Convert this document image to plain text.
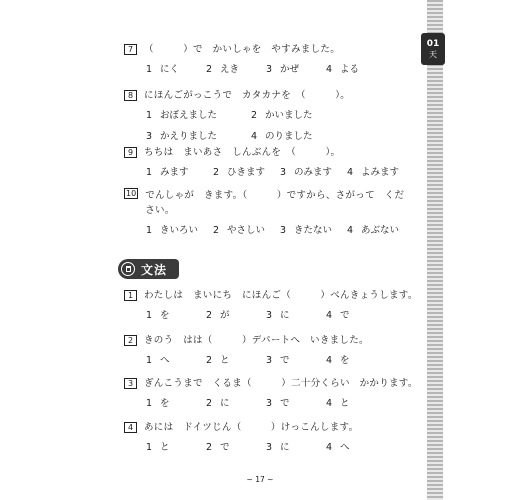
01
天
7	（　　　）で　かいしゃを　やすみました。
1 にく	2 えき	3 かぜ	4 よる
8	にほんごがっこうで　カタカナを　（　　　）。
1 おぼえました	2 かいました
3 かえりました	4 のりました
9	ちちは　まいあさ　しんぶんを　（　　　）。
1 みます	2 ひきます 3 のみます 4 よみます
10 でんしゃが　きます。（　　　）ですから、さがって　ください。
1 きいろい 2 やさしい 3 きたない 4 あぶない
文法
1	わたしは　まいにち　にほんご（　　　）べんきょうします。
1 を	2 が	3 に	4 で
2	きのう　はは（　　　）デパートへ　いきました。
1 へ	2 と	3 で	4 を
3	ぎんこうまで　くるま（　　　）二十分くらい　かかります。
1 を	2 に	3 で	4 と
4	あには　ドイツじん（　　　）けっこんします。
1 と	2 で	3 に	4 へ
~ 17 ~
